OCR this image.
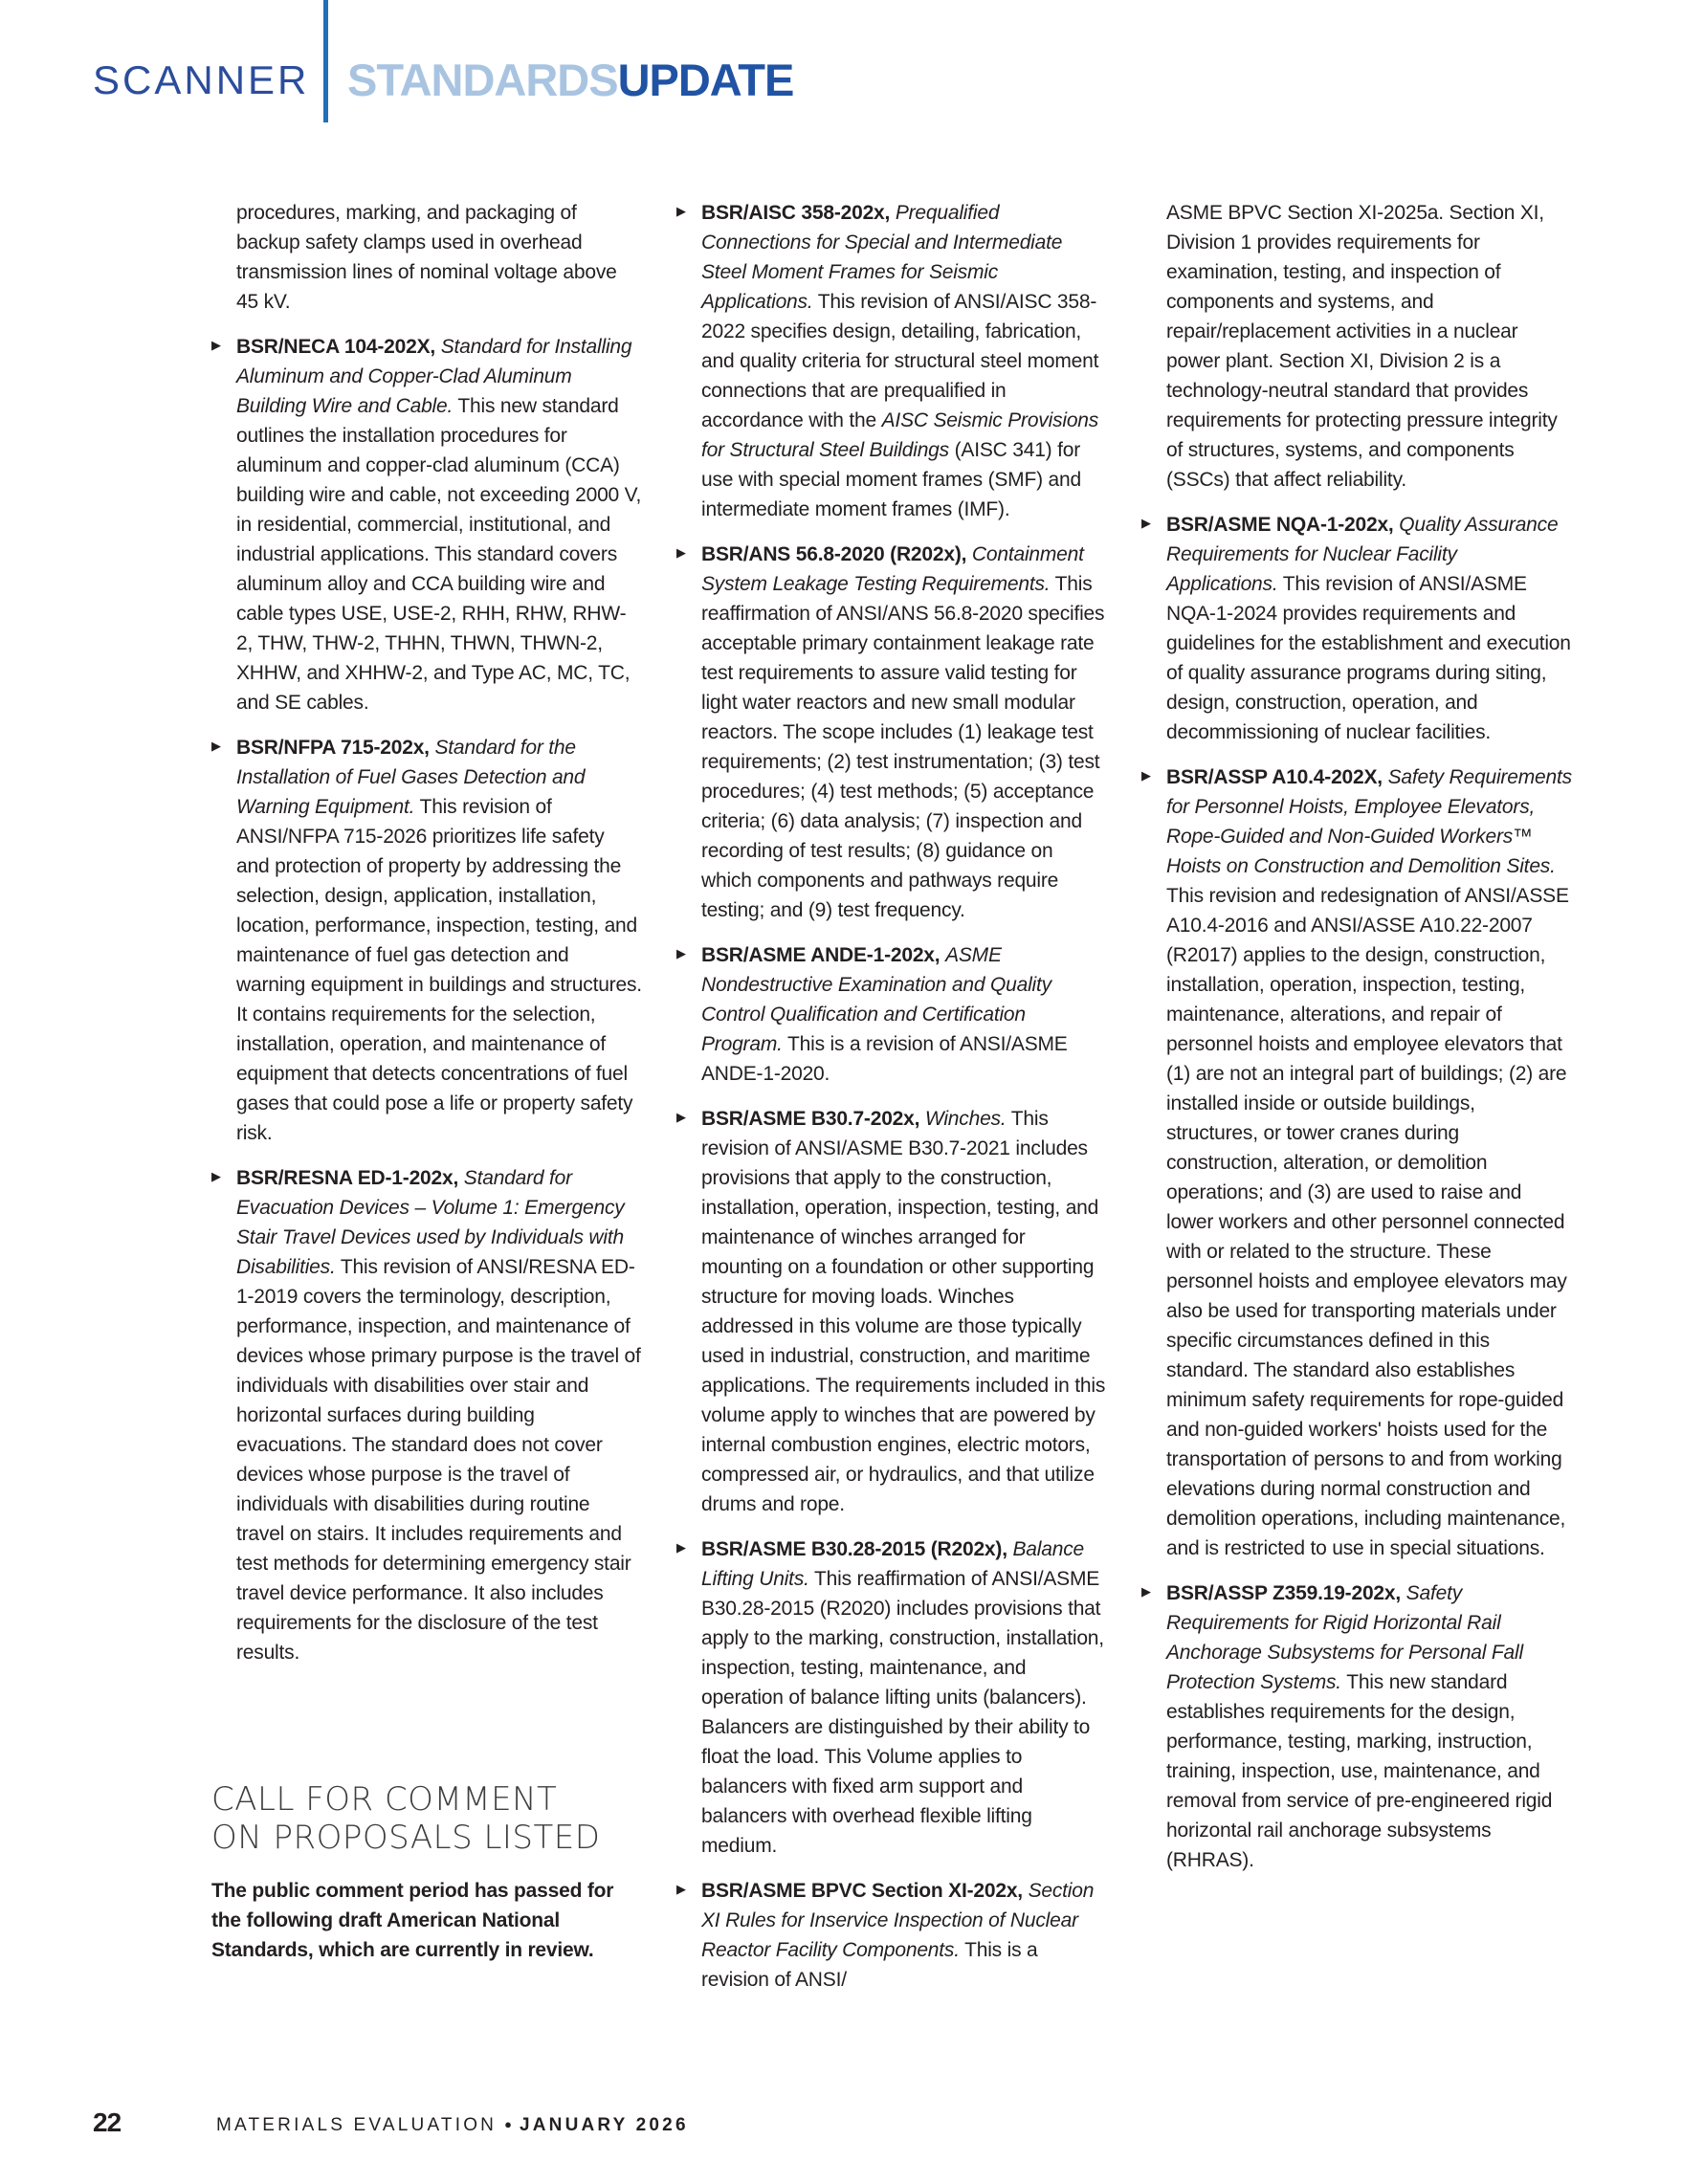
SCANNER STANDARDSUPDATE

procedures, marking, and packaging of backup safety clamps used in overhead transmission lines of nominal voltage above 45 kV.

▶ BSR/NECA 104-202X, Standard for Installing Aluminum and Copper-Clad Aluminum Building Wire and Cable. This new standard outlines the installation procedures for aluminum and copper-clad aluminum (CCA) building wire and cable, not exceeding 2000 V, in residential, commercial, institutional, and industrial applications. This standard covers aluminum alloy and CCA building wire and cable types USE, USE-2, RHH, RHW, RHW-2, THW, THW-2, THHN, THWN, THWN-2, XHHW, and XHHW-2, and Type AC, MC, TC, and SE cables.

▶ BSR/NFPA 715-202x, Standard for the Installation of Fuel Gases Detection and Warning Equipment. This revision of ANSI/NFPA 715-2026 prioritizes life safety and protection of property by addressing the selection, design, application, installation, location, performance, inspection, testing, and maintenance of fuel gas detection and warning equipment in buildings and structures. It contains requirements for the selection, installation, operation, and maintenance of equipment that detects concentrations of fuel gases that could pose a life or property safety risk.

▶ BSR/RESNA ED-1-202x, Standard for Evacuation Devices – Volume 1: Emergency Stair Travel Devices used by Individuals with Disabilities. This revision of ANSI/RESNA ED-1-2019 covers the terminology, description, performance, inspection, and maintenance of devices whose primary purpose is the travel of individuals with disabilities over stair and horizontal surfaces during building evacuations. The standard does not cover devices whose purpose is the travel of individuals with disabilities during routine travel on stairs. It includes requirements and test methods for determining emergency stair travel device performance. It also includes requirements for the disclosure of the test results.

CALL FOR COMMENT
ON PROPOSALS LISTED

The public comment period has passed for the following draft American National Standards, which are currently in review.

▶ BSR/AISC 358-202x, Prequalified Connections for Special and Intermediate Steel Moment Frames for Seismic Applications. This revision of ANSI/AISC 358-2022 specifies design, detailing, fabrication, and quality criteria for structural steel moment connections that are prequalified in accordance with the AISC Seismic Provisions for Structural Steel Buildings (AISC 341) for use with special moment frames (SMF) and intermediate moment frames (IMF).

▶ BSR/ANS 56.8-2020 (R202x), Containment System Leakage Testing Requirements. This reaffirmation of ANSI/ANS 56.8-2020 specifies acceptable primary containment leakage rate test requirements to assure valid testing for light water reactors and new small modular reactors. The scope includes (1) leakage test requirements; (2) test instrumentation; (3) test procedures; (4) test methods; (5) acceptance criteria; (6) data analysis; (7) inspection and recording of test results; (8) guidance on which components and pathways require testing; and (9) test frequency.

▶ BSR/ASME ANDE-1-202x, ASME Nondestructive Examination and Quality Control Qualification and Certification Program. This is a revision of ANSI/ASME ANDE-1-2020.

▶ BSR/ASME B30.7-202x, Winches. This revision of ANSI/ASME B30.7-2021 includes provisions that apply to the construction, installation, operation, inspection, testing, and maintenance of winches arranged for mounting on a foundation or other supporting structure for moving loads. Winches addressed in this volume are those typically used in industrial, construction, and maritime applications. The requirements included in this volume apply to winches that are powered by internal combustion engines, electric motors, compressed air, or hydraulics, and that utilize drums and rope.

▶ BSR/ASME B30.28-2015 (R202x), Balance Lifting Units. This reaffirmation of ANSI/ASME B30.28-2015 (R2020) includes provisions that apply to the marking, construction, installation, inspection, testing, maintenance, and operation of balance lifting units (balancers). Balancers are distinguished by their ability to float the load. This Volume applies to balancers with fixed arm support and balancers with overhead flexible lifting medium.

▶ BSR/ASME BPVC Section XI-202x, Section XI Rules for Inservice Inspection of Nuclear Reactor Facility Components. This is a revision of ANSI/

ASME BPVC Section XI-2025a. Section XI, Division 1 provides requirements for examination, testing, and inspection of components and systems, and repair/replacement activities in a nuclear power plant. Section XI, Division 2 is a technology-neutral standard that provides requirements for protecting pressure integrity of structures, systems, and components (SSCs) that affect reliability.

▶ BSR/ASME NQA-1-202x, Quality Assurance Requirements for Nuclear Facility Applications. This revision of ANSI/ASME NQA-1-2024 provides requirements and guidelines for the establishment and execution of quality assurance programs during siting, design, construction, operation, and decommissioning of nuclear facilities.

▶ BSR/ASSP A10.4-202X, Safety Requirements for Personnel Hoists, Employee Elevators, Rope-Guided and Non-Guided Workers™ Hoists on Construction and Demolition Sites. This revision and redesignation of ANSI/ASSE A10.4-2016 and ANSI/ASSE A10.22-2007 (R2017) applies to the design, construction, installation, operation, inspection, testing, maintenance, alterations, and repair of personnel hoists and employee elevators that (1) are not an integral part of buildings; (2) are installed inside or outside buildings, structures, or tower cranes during construction, alteration, or demolition operations; and (3) are used to raise and lower workers and other personnel connected with or related to the structure. These personnel hoists and employee elevators may also be used for transporting materials under specific circumstances defined in this standard. The standard also establishes minimum safety requirements for rope-guided and non-guided workers' hoists used for the transportation of persons to and from working elevations during normal construction and demolition operations, including maintenance, and is restricted to use in special situations.

▶ BSR/ASSP Z359.19-202x, Safety Requirements for Rigid Horizontal Rail Anchorage Subsystems for Personal Fall Protection Systems. This new standard establishes requirements for the design, performance, testing, marking, instruction, training, inspection, use, maintenance, and removal from service of pre-engineered rigid horizontal rail anchorage subsystems (RHRAS).

22	MATERIALS EVALUATION ● JANUARY 2026
